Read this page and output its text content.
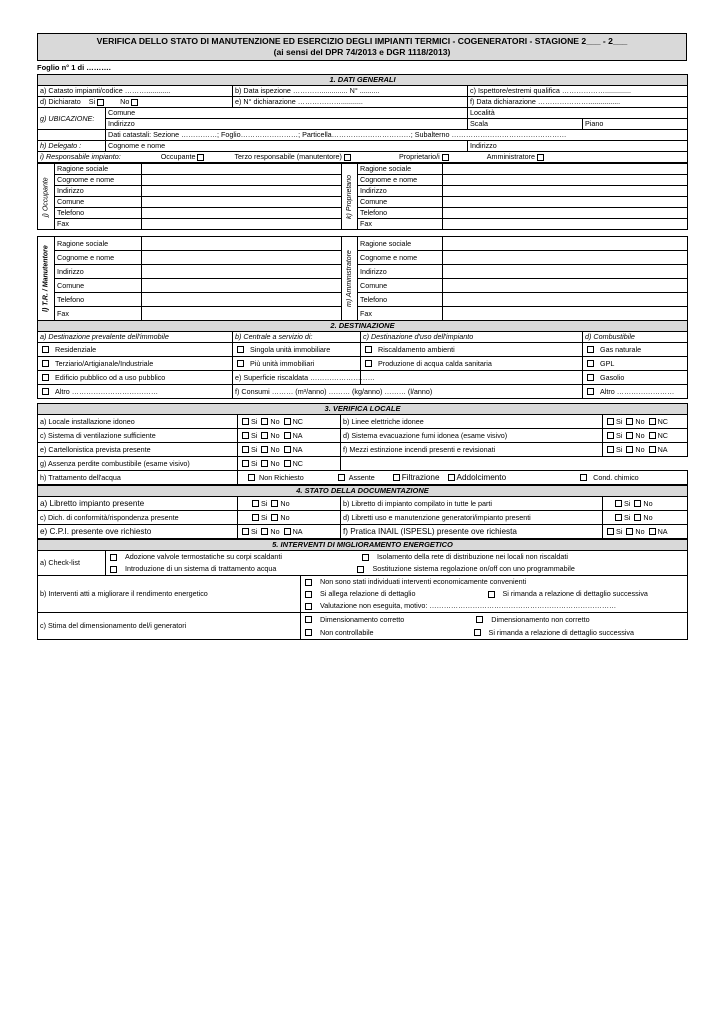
VERIFICA DELLO STATO DI MANUTENZIONE ED ESERCIZIO DEGLI IMPIANTI TERMICI - COGENERATORI - STAGIONE 2___ - 2___
(ai sensi del DPR 74/2013 e DGR 1118/2013)
Foglio n° 1 di ……….
1. DATI GENERALI				
a) Catasto impianti/codice ………............		b) Data ispezione …………............. N° ..........	c) Ispettore/estremi qualifica ……………….............	
d) Dichiarato Si No		e) N° dichiarazione ………………...........	f) Data dichiarazione …………………................	
g) UBICAZIONE:	Comune		Località	
	Indirizzo		Scala	Piano
	Dati catastali: Sezione ……………; Foglio……………………; Particella……………………………; Subalterno …………………………………………			
h) Delegato :	Cognome e nome		Indirizzo	
i) Responsabile impianto: Occupante Terzo responsabile (manutentore) Proprietario/i Amministratore				
j) Occupante	Ragione sociale		k) Proprietario	Ragione sociale	
	Cognome e nome			Cognome e nome	
	Indirizzo			Indirizzo	
	Comune			Comune	
	Telefono			Telefono	
	Fax			Fax	
l) T.R. / Manutentore	Ragione sociale		m) Amministratore	Ragione sociale	
	Cognome e nome			Cognome e nome	
	Indirizzo			Indirizzo	
	Comune			Comune	
	Telefono			Telefono	
	Fax			Fax	
2. DESTINAZIONE			
a) Destinazione prevalente dell'immobile	b) Centrale a servizio di:	c) Destinazione d'uso dell'impianto	d) Combustibile
Residenziale	Singola unità immobiliare	Riscaldamento ambienti	Gas naturale
Terziario/Artigianale/Industriale	Più unità immobiliari	Produzione di acqua calda sanitaria	GPL
Edificio pubblico od a uso pubblico	e) Superficie riscaldata ………………………		Gasolio
Altro ………………………………	f) Consumi ……… (m³/anno) ……… (kg/anno) ……… (l/anno)		Altro ……………………
3. VERIFICA LOCALE			
a) Locale installazione idoneo	Si No NC	b) Linee elettriche idonee	Si No NC
c) Sistema di ventilazione sufficiente	Si No NA	d) Sistema evacuazione fumi idonea (esame visivo)	Si No NC
e) Cartellonistica prevista presente	Si No NA	f) Mezzi estinzione incendi presenti e revisionati	Si No NA
g) Assenza perdite combustibile (esame visivo)	Si No NC		
h) Trattamento dell'acqua	Non Richiesto Assente Filtrazione Addolcimento Cond. chimico		
4. STATO DELLA DOCUMENTAZIONE			
a) Libretto impianto presente	Si No	b) Libretto di impianto compilato in tutte le parti	Si No
c) Dich. di conformità/rispondenza presente	Si No	d) Libretti uso e manutenzione generatori/impianto presenti	Si No
e) C.P.I. presente ove richiesto	Si No NA	f) Pratica INAIL (ISPESL) presente ove richiesta	Si No NA
5. INTERVENTI DI MIGLIORAMENTO ENERGETICO		
a) Check-list	Adozione valvole termostatiche su corpi scaldanti Isolamento della rete di distribuzione nei locali non riscaldati	
	Introduzione di un sistema di trattamento acqua Sostituzione sistema regolazione on/off con uno programmabile	
b) Interventi atti a migliorare il rendimento energetico		Non sono stati individuati interventi economicamente convenienti
		Si allega relazione di dettaglio Si rimanda a relazione di dettaglio successiva
		Valutazione non eseguita, motivo: ……………………………………………………………………
c) Stima del dimensionamento del/i generatori		Dimensionamento corretto Dimensionamento non corretto
		Non controllabile Si rimanda a relazione di dettaglio successiva
